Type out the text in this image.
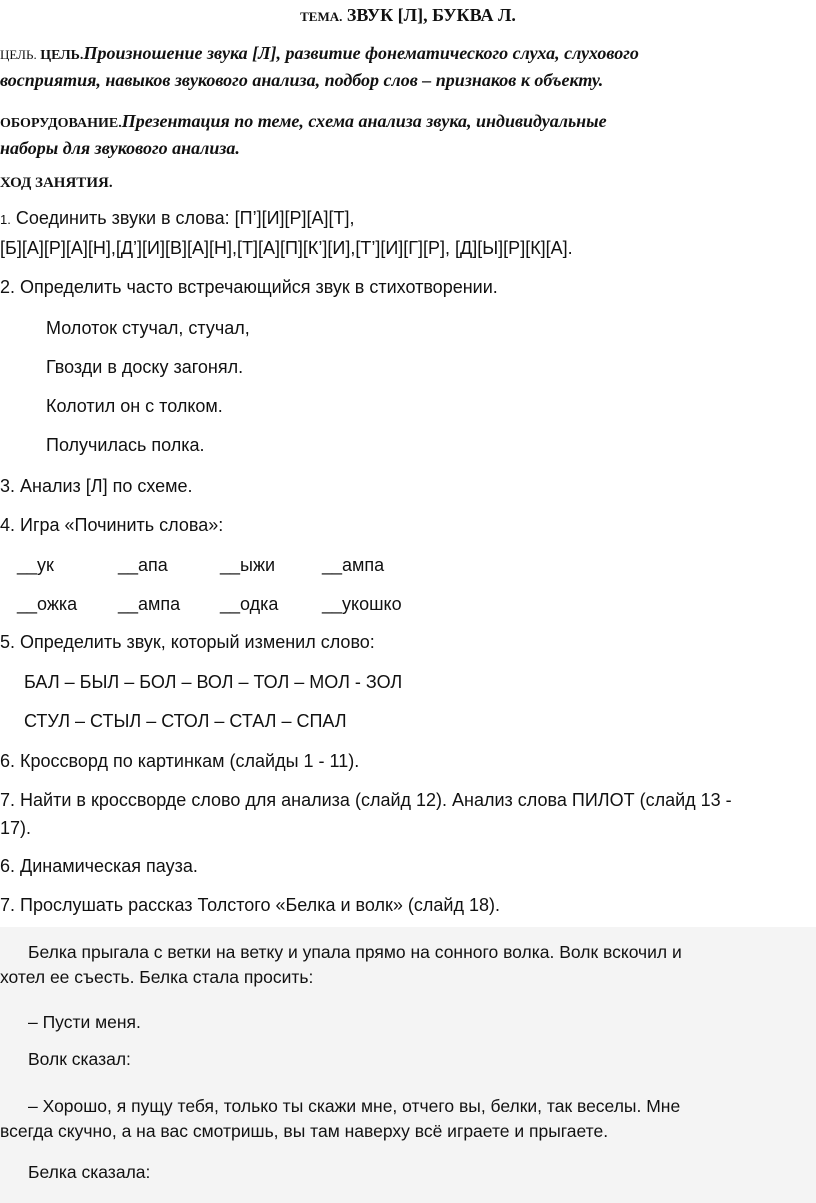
ТЕМА. ЗВУК [Л], БУКВА Л.
ЦЕЛЬ. ЦЕЛЬ.Произношение звука [Л], развитие фонематического слуха, слухового
восприятия, навыков звукового анализа, подбор слов – признаков к объекту.
ОБОРУДОВАНИЕ.Презентация по теме, схема анализа звука, индивидуальные
наборы для звукового анализа.
ХОД ЗАНЯТИЯ.
1. Соединить звуки в слова: [П’][И][Р][А][Т],
[Б][А][Р][А][Н],[Д’][И][В][А][Н],[Т][А][П][К’][И],[Т’][И][Г][Р], [Д][Ы][Р][К][А].
2. Определить часто встречающийся звук в стихотворении.
Молоток стучал, стучал,
Гвозди в доску загонял.
Колотил он с толком.
Получилась полка.
3. Анализ [Л] по схеме.
4. Игра «Починить слова»:
__ук	__апа	__ыжи	__ампа
__ожка __ампа __одка __укошко
5. Определить звук, который изменил слово:
БАЛ – БЫЛ – БОЛ – ВОЛ – ТОЛ – МОЛ - ЗОЛ
СТУЛ – СТЫЛ – СТОЛ – СТАЛ – СПАЛ
6. Кроссворд по картинкам (слайды 1 - 11).
7. Найти в кроссворде слово для анализа (слайд 12). Анализ слова ПИЛОТ (слайд 13 -
17).
6. Динамическая пауза.
7. Прослушать рассказ Толстого «Белка и волк» (слайд 18).
Белка прыгала с ветки на ветку и упала прямо на сонного волка. Волк вскочил и
хотел ее съесть. Белка стала просить:
– Пусти меня.
Волк сказал:
– Хорошо, я пущу тебя, только ты скажи мне, отчего вы, белки, так веселы. Мне
всегда скучно, а на вас смотришь, вы там наверху всё играете и прыгаете.
Белка сказала:
